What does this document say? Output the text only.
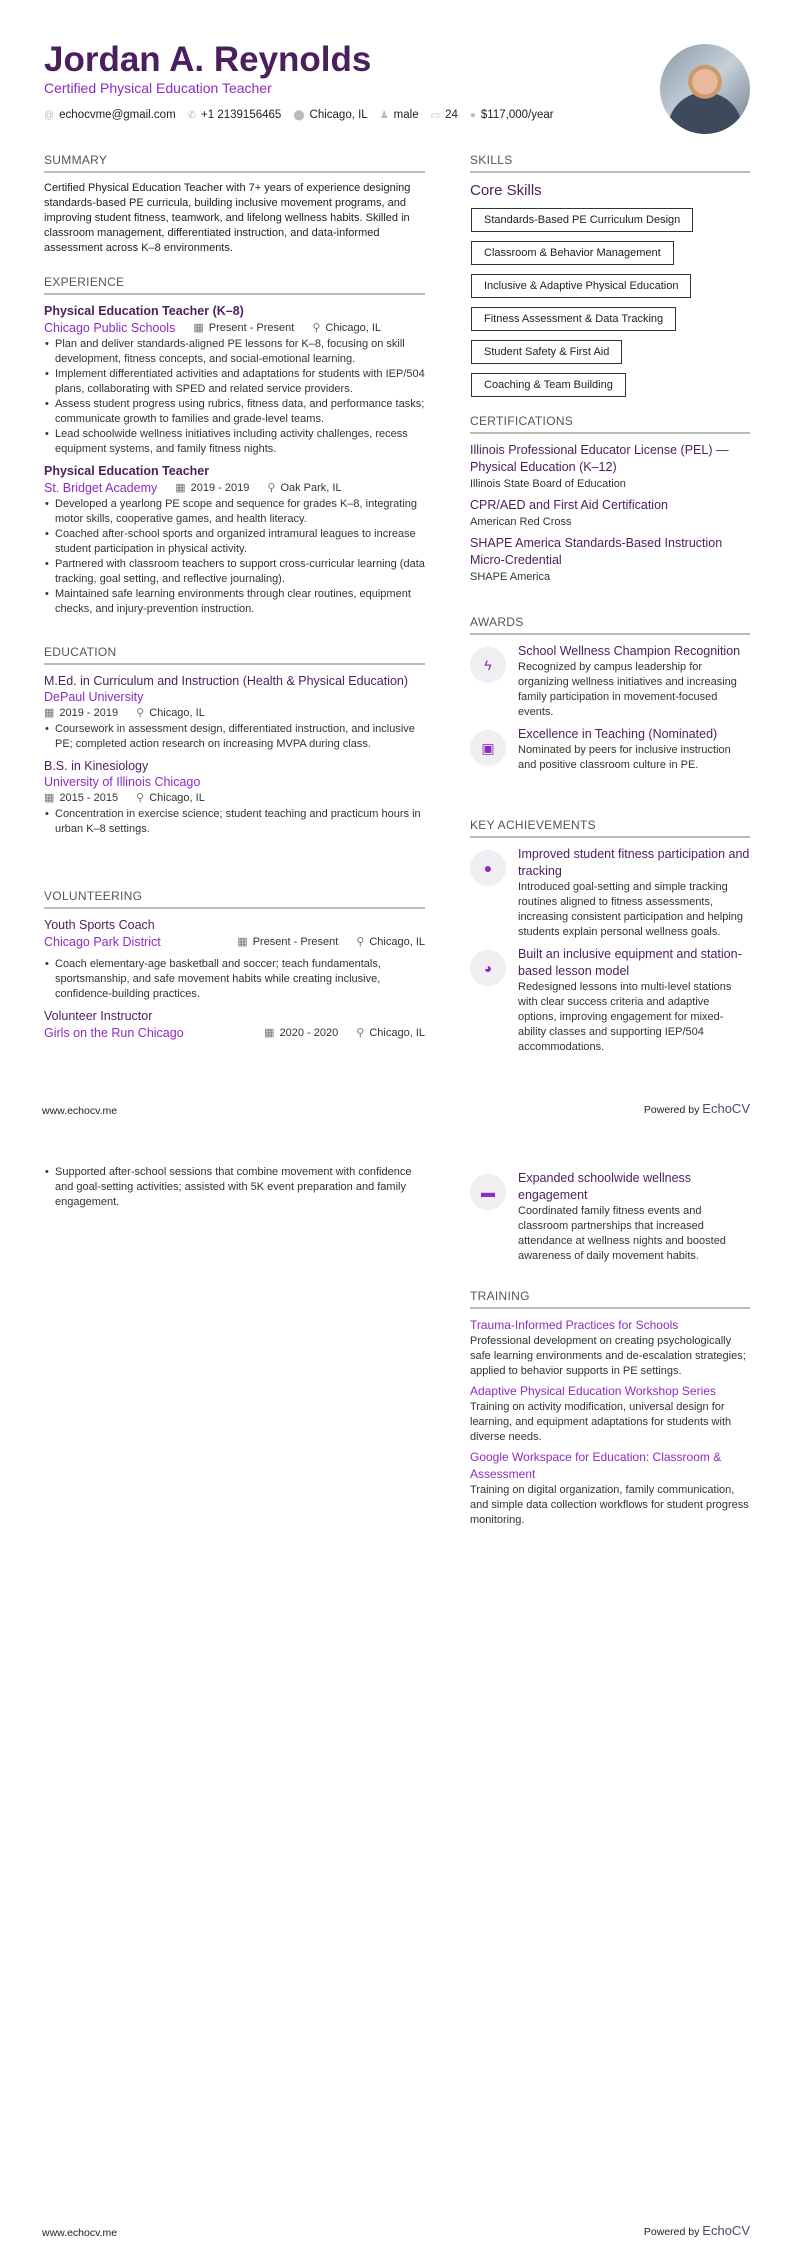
Jordan A. Reynolds
Certified Physical Education Teacher
@ echocvme@gmail.com ✆ +1 2139156465 ⬤ Chicago, IL ♟ male ▭ 24 ● $117,000/year
SUMMARY

Certified Physical Education Teacher with 7+ years of experience designing standards-based PE curricula, building inclusive movement programs, and improving student fitness, teamwork, and lifelong wellness habits. Skilled in classroom management, differentiated instruction, and data-informed assessment across K–8 environments.

EXPERIENCE
Physical Education Teacher (K–8)
Chicago Public Schools ▦ Present - Present ⚲ Chicago, IL
• Plan and deliver standards-aligned PE lessons for K–8, focusing on skill development, fitness concepts, and social-emotional learning.
• Implement differentiated activities and adaptations for students with IEP/504 plans, collaborating with SPED and related service providers.
• Assess student progress using rubrics, fitness data, and performance tasks; communicate growth to families and grade-level teams.
• Lead schoolwide wellness initiatives including activity challenges, recess equipment systems, and family fitness nights.
Physical Education Teacher
St. Bridget Academy ▦ 2019 - 2019 ⚲ Oak Park, IL
• Developed a yearlong PE scope and sequence for grades K–8, integrating motor skills, cooperative games, and health literacy.
• Coached after-school sports and organized intramural leagues to increase student participation in physical activity.
• Partnered with classroom teachers to support cross-curricular learning (data tracking, goal setting, and reflective journaling).
• Maintained safe learning environments through clear routines, equipment checks, and injury-prevention instruction.
EDUCATION
M.Ed. in Curriculum and Instruction (Health & Physical Education)
DePaul University
▦ 2019 - 2019 ⚲ Chicago, IL
• Coursework in assessment design, differentiated instruction, and inclusive PE; completed action research on increasing MVPA during class.
B.S. in Kinesiology
University of Illinois Chicago
▦ 2015 - 2015 ⚲ Chicago, IL
• Concentration in exercise science; student teaching and practicum hours in urban K–8 settings.
VOLUNTEERING
Youth Sports Coach
Chicago Park District	▦ Present - Present ⚲ Chicago, IL
• Coach elementary-age basketball and soccer; teach fundamentals, sportsmanship, and safe movement habits while creating inclusive, confidence-building practices.
Volunteer Instructor
Girls on the Run Chicago	▦ 2020 - 2020 ⚲ Chicago, IL
SKILLS
Core Skills
Standards-Based PE Curriculum Design
Classroom & Behavior Management
Inclusive & Adaptive Physical Education
Fitness Assessment & Data Tracking
Student Safety & First Aid
Coaching & Team Building
CERTIFICATIONS
Illinois Professional Educator License (PEL) — Physical Education (K–12)
Illinois State Board of Education
CPR/AED and First Aid Certification
American Red Cross
SHAPE America Standards-Based Instruction Micro-Credential
SHAPE America
AWARDS
ϟ
School Wellness Champion Recognition
Recognized by campus leadership for organizing wellness initiatives and increasing family participation in movement-focused events.
▣
Excellence in Teaching (Nominated)
Nominated by peers for inclusive instruction and positive classroom culture in PE.
KEY ACHIEVEMENTS
●
Improved student fitness participation and tracking
Introduced goal-setting and simple tracking routines aligned to fitness assessments, increasing consistent participation and helping students explain personal wellness goals.
◕
Built an inclusive equipment and station-based lesson model
Redesigned lessons into multi-level stations with clear success criteria and adaptive options, improving engagement for mixed-ability classes and supporting IEP/504 accommodations.
www.echocv.me	Powered by EchoCV
• Supported after-school sessions that combine movement with confidence and goal-setting activities; assisted with 5K event preparation and family engagement.
▬
Expanded schoolwide wellness engagement
Coordinated family fitness events and classroom partnerships that increased attendance at wellness nights and boosted awareness of daily movement habits.
TRAINING
Trauma-Informed Practices for Schools
Professional development on creating psychologically safe learning environments and de-escalation strategies; applied to behavior supports in PE settings.
Adaptive Physical Education Workshop Series
Training on activity modification, universal design for learning, and equipment adaptations for students with diverse needs.
Google Workspace for Education: Classroom & Assessment
Training on digital organization, family communication, and simple data collection workflows for student progress monitoring.
www.echocv.me	Powered by EchoCV
